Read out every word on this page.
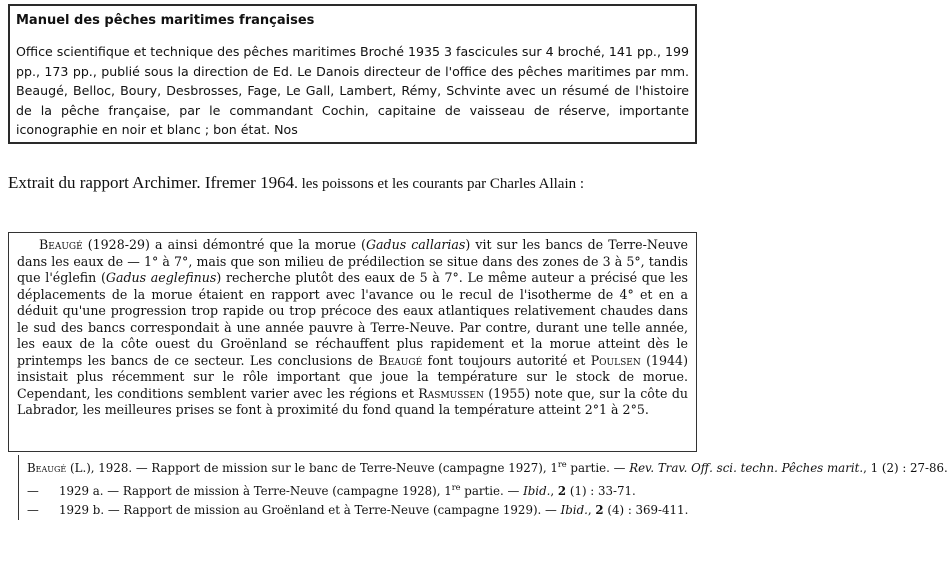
Manuel des pêches maritimes françaises
Office scientifique et technique des pêches maritimes Broché 1935 3 fascicules sur 4 broché, 141 pp., 199 pp., 173 pp., publié sous la direction de Ed. Le Danois directeur de l'office des pêches maritimes par mm. Beaugé, Belloc, Boury, Desbrosses, Fage, Le Gall, Lambert, Rémy, Schvinte avec un résumé de l'histoire de la pêche française, par le commandant Cochin, capitaine de vaisseau de réserve, importante iconographie en noir et blanc ; bon état. Nos
Extrait du rapport Archimer. Ifremer 1964. les poissons et les courants par Charles Allain :
Beaugé (1928-29) a ainsi démontré que la morue (Gadus callarias) vit sur les bancs de Terre-Neuve dans les eaux de — 1° à 7°, mais que son milieu de prédilection se situe dans des zones de 3 à 5°, tandis que l'églefin (Gadus aeglefinus) recherche plutôt des eaux de 5 à 7°. Le même auteur a précisé que les déplacements de la morue étaient en rapport avec l'avance ou le recul de l'isotherme de 4° et en a déduit qu'une progression trop rapide ou trop précoce des eaux atlantiques relativement chaudes dans le sud des bancs correspondait à une année pauvre à Terre-Neuve. Par contre, durant une telle année, les eaux de la côte ouest du Groënland se réchauffent plus rapidement et la morue atteint dès le printemps les bancs de ce secteur. Les conclusions de Beaugé font toujours autorité et Poulsen (1944) insistait plus récemment sur le rôle important que joue la température sur le stock de morue. Cependant, les conditions semblent varier avec les régions et Rasmussen (1955) note que, sur la côte du Labrador, les meilleures prises se font à proximité du fond quand la température atteint 2°1 à 2°5.
Beaugé (L.), 1928. — Rapport de mission sur le banc de Terre-Neuve (campagne 1927), 1re partie. — Rev. Trav. Off. sci. techn. Pêches marit., 1 (2) : 27-86.
— 1929 a. — Rapport de mission à Terre-Neuve (campagne 1928), 1re partie. — Ibid., 2 (1) : 33-71.
— 1929 b. — Rapport de mission au Groënland et à Terre-Neuve (campagne 1929). — Ibid., 2 (4) : 369-411.
